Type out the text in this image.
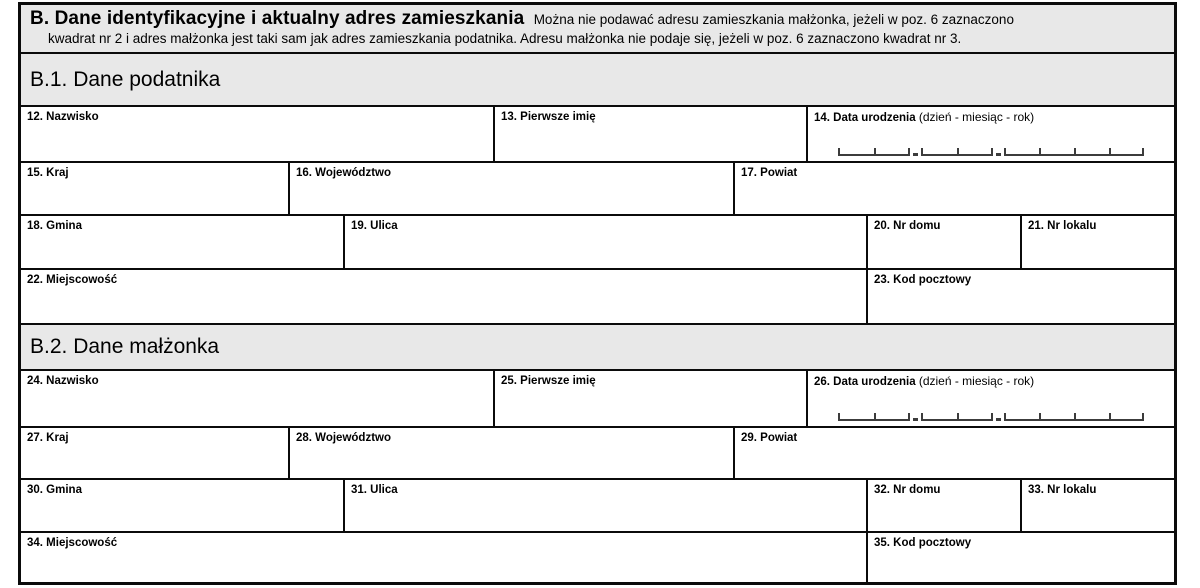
B. Dane identyfikacyjne i aktualny adres zamieszkania Można nie podawać adresu zamieszkania małżonka, jeżeli w poz. 6 zaznaczono
kwadrat nr 2 i adres małżonka jest taki sam jak adres zamieszkania podatnika. Adresu małżonka nie podaje się, jeżeli w poz. 6 zaznaczono kwadrat nr 3.
B.1. Dane podatnika
12. Nazwisko	13. Pierwsze imię	14. Data urodzenia (dzień - miesiąc - rok)
15. Kraj	16. Województwo	17. Powiat
18. Gmina	19. Ulica	20. Nr domu	21. Nr lokalu
22. Miejscowość	23. Kod pocztowy
B.2. Dane małżonka
24. Nazwisko	25. Pierwsze imię	26. Data urodzenia (dzień - miesiąc - rok)
27. Kraj	28. Województwo	29. Powiat
30. Gmina	31. Ulica	32. Nr domu	33. Nr lokalu
34. Miejscowość	35. Kod pocztowy
